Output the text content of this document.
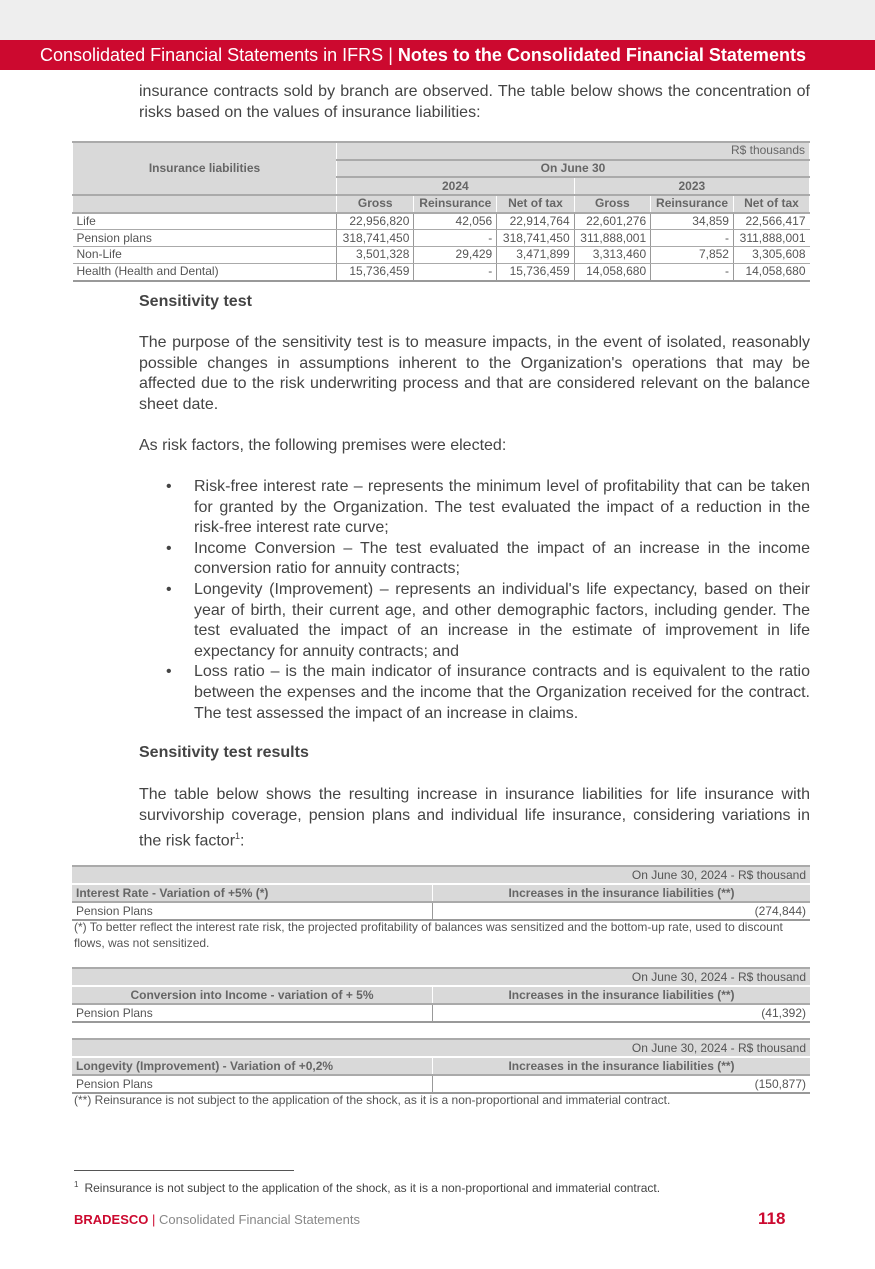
Consolidated Financial Statements in IFRS | Notes to the Consolidated Financial Statements
insurance contracts sold by branch are observed. The table below shows the concentration of risks based on the values of insurance liabilities:
Insurance liabilities	R$ thousands					
	On June 30					
	2024			2023		
	Gross	Reinsurance	Net of tax	Gross	Reinsurance	Net of tax
Life	22,956,820	42,056	22,914,764	22,601,276	34,859	22,566,417
Pension plans	318,741,450	-	318,741,450	311,888,001	-	311,888,001
Non-Life	3,501,328	29,429	3,471,899	3,313,460	7,852	3,305,608
Health (Health and Dental)	15,736,459	-	15,736,459	14,058,680	-	14,058,680
Sensitivity test
The purpose of the sensitivity test is to measure impacts, in the event of isolated, reasonably possible changes in assumptions inherent to the Organization's operations that may be affected due to the risk underwriting process and that are considered relevant on the balance sheet date.
As risk factors, the following premises were elected:
• Risk-free interest rate – represents the minimum level of profitability that can be taken for granted by the Organization. The test evaluated the impact of a reduction in the risk-free interest rate curve;
• Income Conversion – The test evaluated the impact of an increase in the income conversion ratio for annuity contracts;
• Longevity (Improvement) – represents an individual's life expectancy, based on their year of birth, their current age, and other demographic factors, including gender. The test evaluated the impact of an increase in the estimate of improvement in life expectancy for annuity contracts; and
• Loss ratio – is the main indicator of insurance contracts and is equivalent to the ratio between the expenses and the income that the Organization received for the contract. The test assessed the impact of an increase in claims.
Sensitivity test results
The table below shows the resulting increase in insurance liabilities for life insurance with survivorship coverage, pension plans and individual life insurance, considering variations in the risk factor$^1$:
On June 30, 2024 - R$ thousand	
Interest Rate - Variation of +5% (*)	Increases in the insurance liabilities (**)
Pension Plans	(274,844)
(*) To better reflect the interest rate risk, the projected profitability of balances was sensitized and the bottom-up rate, used to discount flows, was not sensitized.
On June 30, 2024 - R$ thousand	
Conversion into Income - variation of + 5%	Increases in the insurance liabilities (**)
Pension Plans	(41,392)
On June 30, 2024 - R$ thousand	
Longevity (Improvement) - Variation of +0,2%	Increases in the insurance liabilities (**)
Pension Plans	(150,877)
(**) Reinsurance is not subject to the application of the shock, as it is a non-proportional and immaterial contract.
$^1$ Reinsurance is not subject to the application of the shock, as it is a non-proportional and immaterial contract.
BRADESCO | Consolidated Financial Statements	118
